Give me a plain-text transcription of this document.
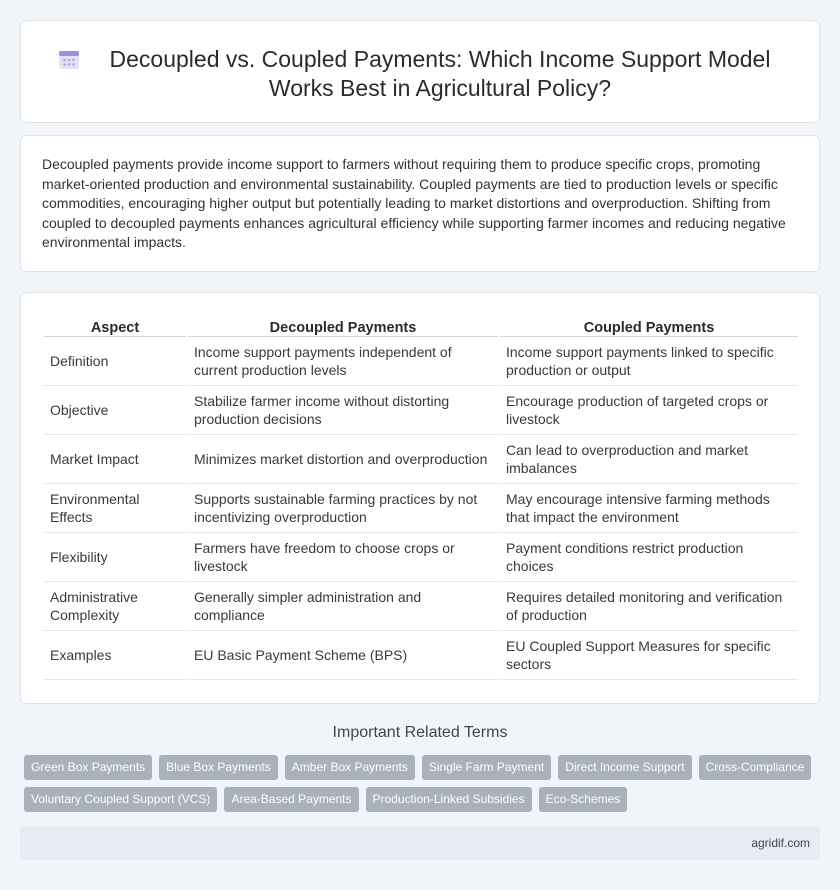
Decoupled vs. Coupled Payments: Which Income Support Model Works Best in Agricultural Policy?

Decoupled payments provide income support to farmers without requiring them to produce specific crops, promoting market-oriented production and environmental sustainability. Coupled payments are tied to production levels or specific commodities, encouraging higher output but potentially leading to market distortions and overproduction. Shifting from coupled to decoupled payments enhances agricultural efficiency while supporting farmer incomes and reducing negative environmental impacts.

Aspect	Decoupled Payments	Coupled Payments
Definition	Income support payments independent of current production levels	Income support payments linked to specific production or output
Objective	Stabilize farmer income without distorting production decisions	Encourage production of targeted crops or livestock
Market Impact	Minimizes market distortion and overproduction	Can lead to overproduction and market imbalances
Environmental Effects	Supports sustainable farming practices by not incentivizing overproduction	May encourage intensive farming methods that impact the environment
Flexibility	Farmers have freedom to choose crops or livestock	Payment conditions restrict production choices
Administrative Complexity	Generally simpler administration and compliance	Requires detailed monitoring and verification of production
Examples	EU Basic Payment Scheme (BPS)	EU Coupled Support Measures for specific sectors
Important Related Terms
Green Box Payments	Blue Box Payments	Amber Box Payments	Single Farm Payment	Direct Income Support	Cross-Compliance
Voluntary Coupled Support (VCS)	Area-Based Payments	Production-Linked Subsidies	Eco-Schemes
agridif.com
